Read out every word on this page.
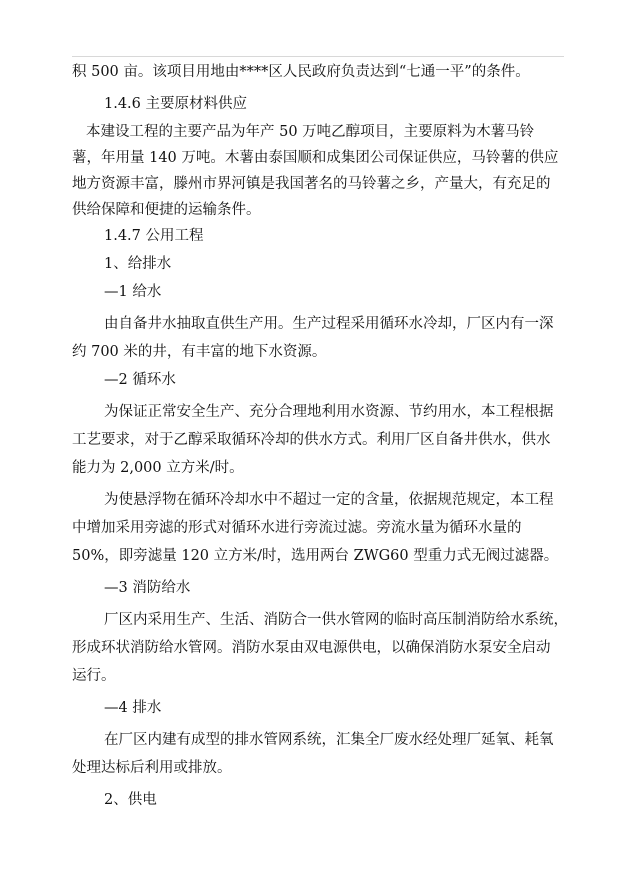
积 500 亩。该项目用地由****区人民政府负责达到“七通一平”的条件。
1.4.6 主要原材料供应
本建设工程的主要产品为年产 50 万吨乙醇项目，主要原料为木薯马铃
薯，年用量 140 万吨。木薯由泰国顺和成集团公司保证供应，马铃薯的供应
地方资源丰富，滕州市界河镇是我国著名的马铃薯之乡，产量大，有充足的
供给保障和便捷的运输条件。
1.4.7 公用工程
1、给排水
—1 给水
由自备井水抽取直供生产用。生产过程采用循环水冷却，厂区内有一深
约 700 米的井，有丰富的地下水资源。
—2 循环水
为保证正常安全生产、充分合理地利用水资源、节约用水，本工程根据
工艺要求，对于乙醇采取循环冷却的供水方式。利用厂区自备井供水，供水
能力为 2,000 立方米/时。
为使悬浮物在循环冷却水中不超过一定的含量，依据规范规定，本工程
中增加采用旁滤的形式对循环水进行旁流过滤。旁流水量为循环水量的
50%，即旁滤量 120 立方米/时，选用两台 ZWG60 型重力式无阀过滤器。
—3 消防给水
厂区内采用生产、生活、消防合一供水管网的临时高压制消防给水系统，
形成环状消防给水管网。消防水泵由双电源供电，以确保消防水泵安全启动
运行。
—4 排水
在厂区内建有成型的排水管网系统，汇集全厂废水经处理厂延氧、耗氧
处理达标后利用或排放。
2、供电
